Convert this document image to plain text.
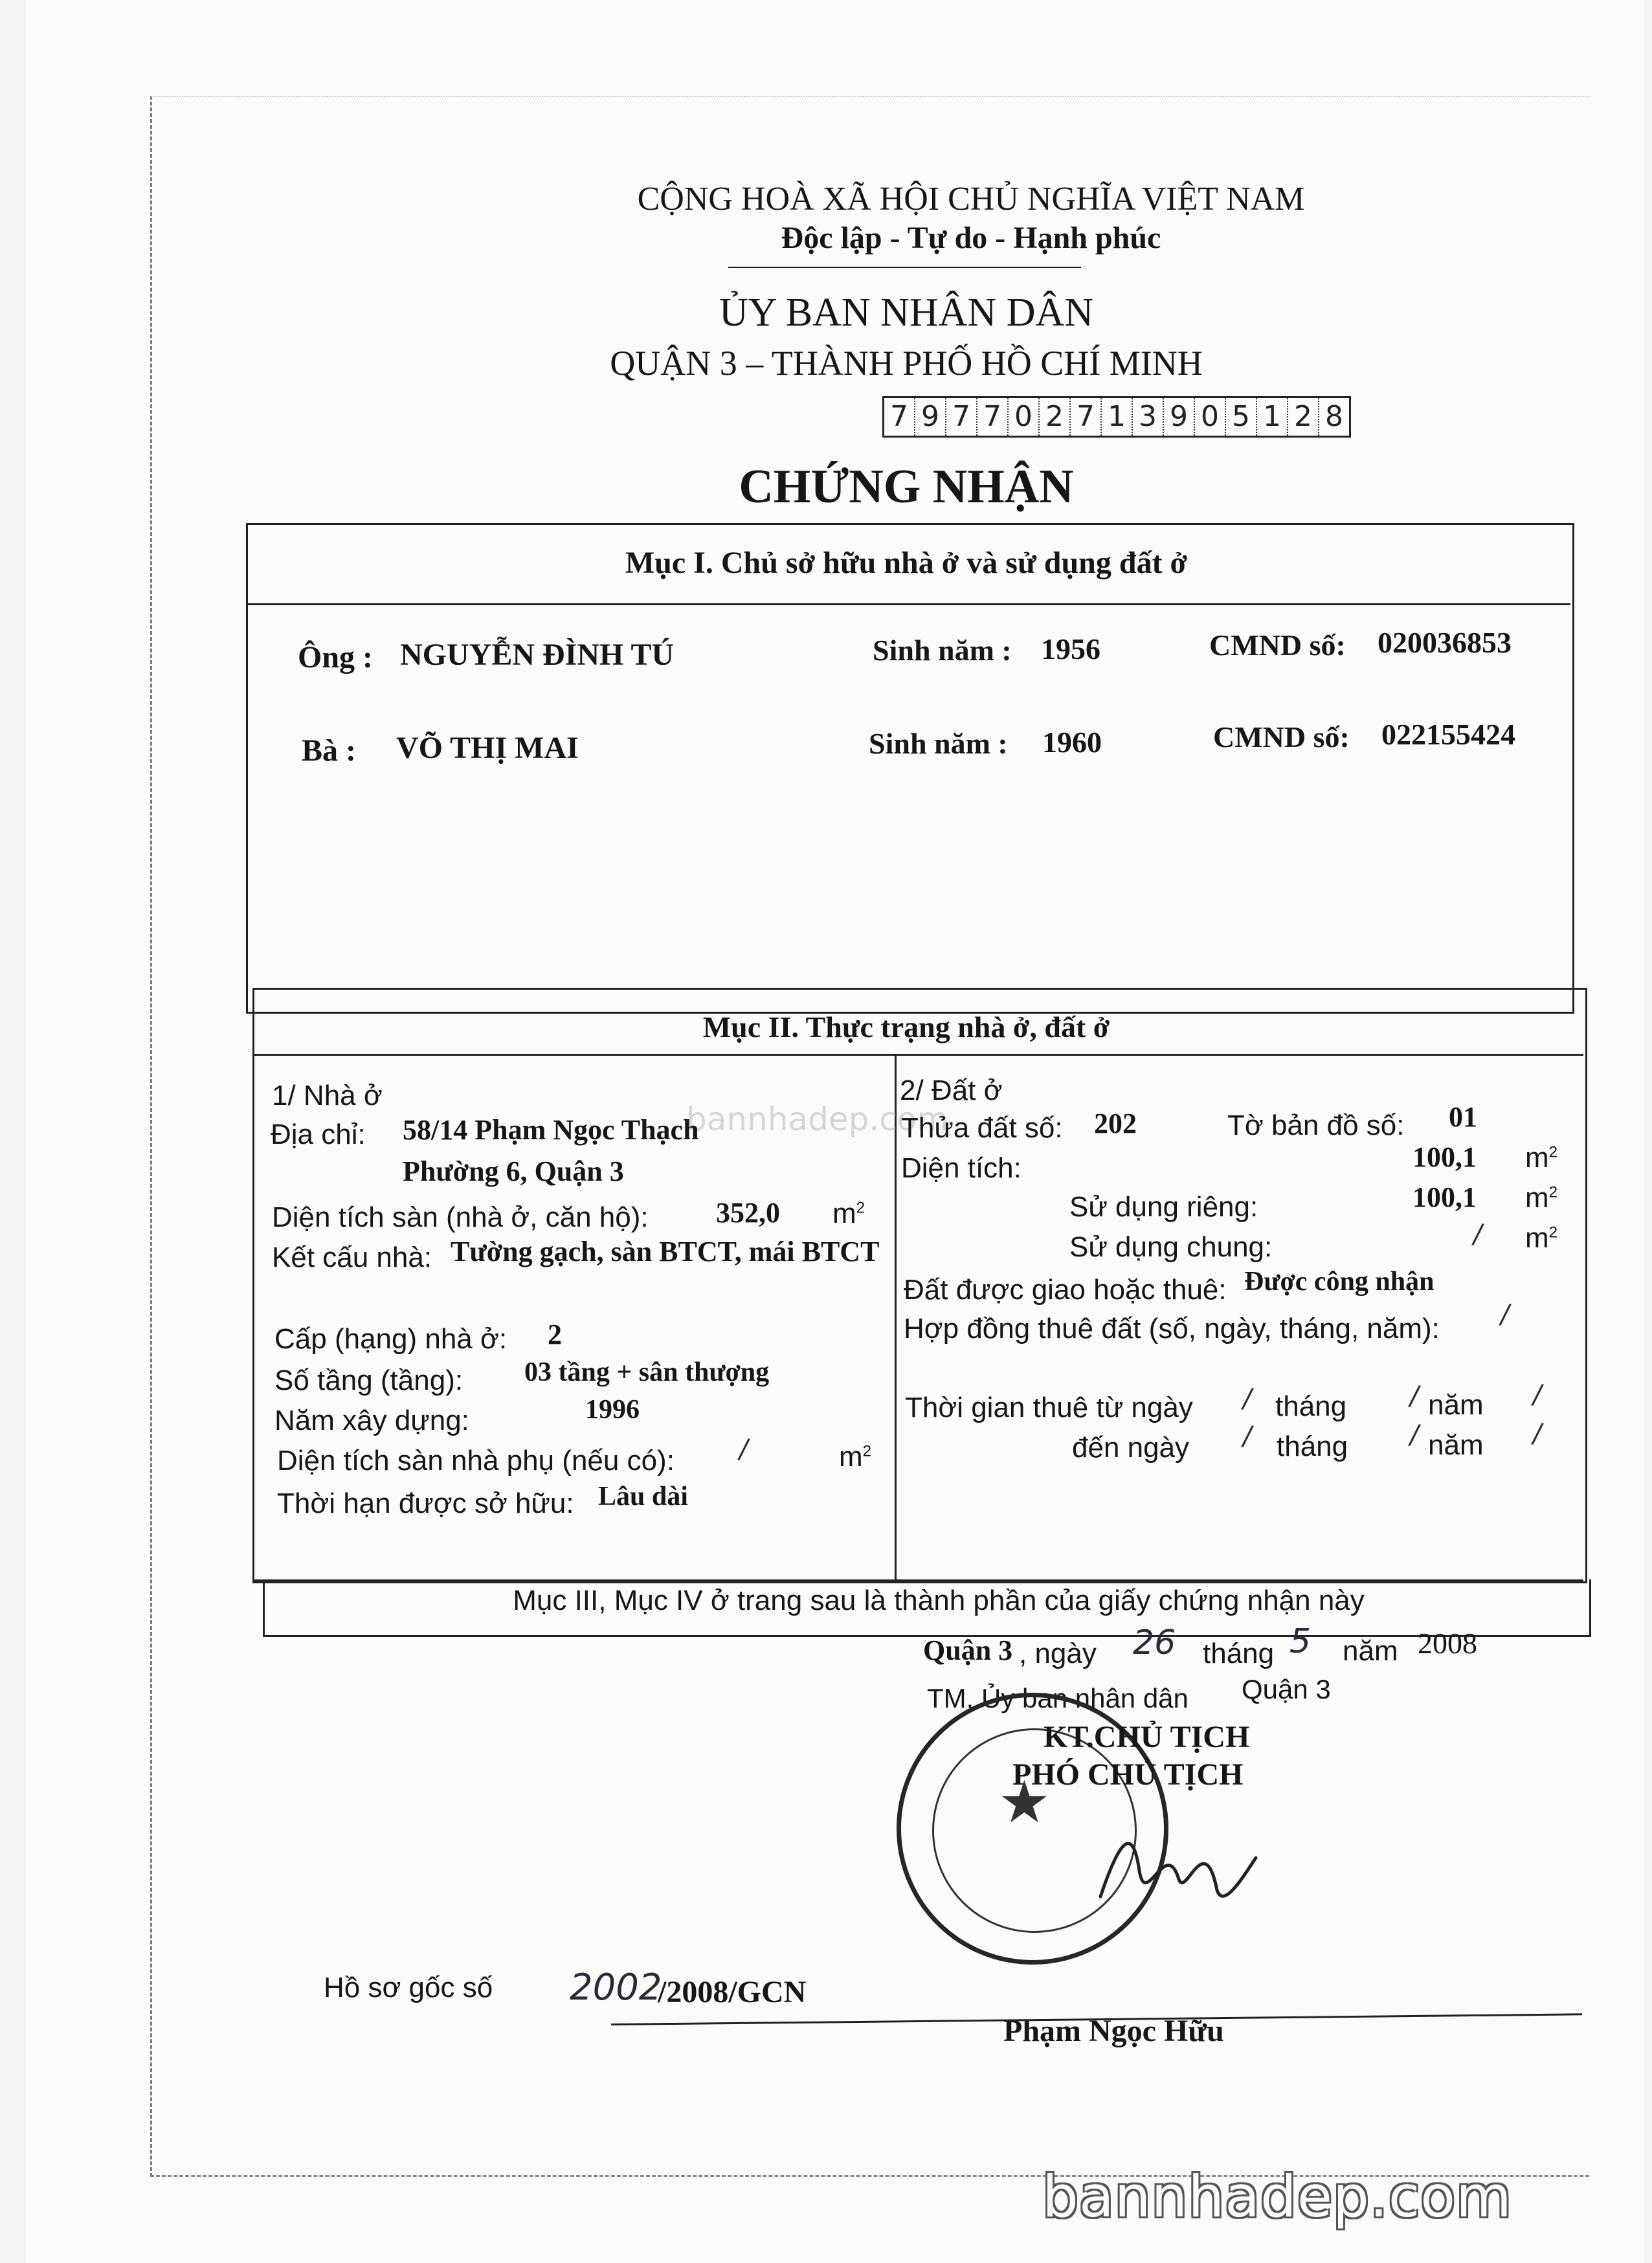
CỘNG HOÀ XÃ HỘI CHỦ NGHĨA VIỆT NAM
Độc lập - Tự do - Hạnh phúc
ỦY BAN NHÂN DÂN
QUẬN 3 – THÀNH PHỐ HỒ CHÍ MINH
7 9 7 7 0 2 7 1 3 9 0 5 1 2 8
CHỨNG NHẬN
Mục I. Chủ sở hữu nhà ở và sử dụng đất ở
Ông : NGUYỄN ĐÌNH TÚ	Sinh năm : 1956	CMND số: 020036853
Bà : VÕ THỊ MAI	Sinh năm : 1960	CMND số: 022155424
Mục II. Thực trạng nhà ở, đất ở
bannhadep.com
1/ Nhà ở
Địa chỉ: 58/14 Phạm Ngọc Thạch
Phường 6, Quận 3
Diện tích sàn (nhà ở, căn hộ): 352,0 $m^2$
Kết cấu nhà: Tường gạch, sàn BTCT, mái BTCT
Cấp (hạng) nhà ở: 2
Số tầng (tầng): 03 tầng + sân thượng
Năm xây dựng:	1996
Diện tích sàn nhà phụ (nếu có):	/	$m^2$
Thời hạn được sở hữu: Lâu dài
2/ Đất ở
Thửa đất số: 202	Tờ bản đồ số: 01
Diện tích:	100,1 $m^2$
Sử dụng riêng:	100,1 $m^2$
Sử dụng chung:	/ $m^2$
Đất được giao hoặc thuê: Được công nhận
Hợp đồng thuê đất (số, ngày, tháng, năm): /
Thời gian thuê từ ngày / tháng / năm /
đến ngày / tháng / năm /
Mục III, Mục IV ở trang sau là thành phần của giấy chứng nhận này
Quận 3 , ngày 26 tháng 5 năm 2008
TM. Ủy ban nhân dân Quận 3
★
KT.CHỦ TỊCH
PHÓ CHỦ TỊCH
Phạm Ngọc Hữu
Hồ sơ gốc số 2002
/2008/GCN
bannhadep.com
